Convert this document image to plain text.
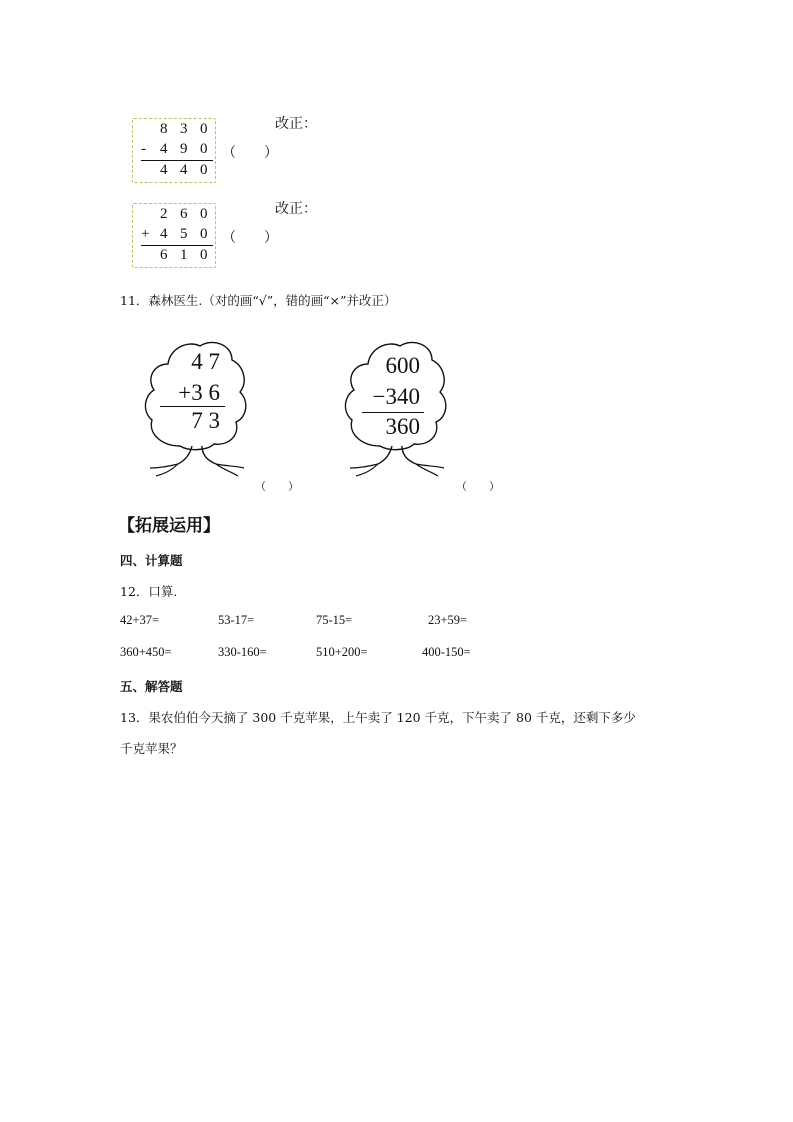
8 3 0
- 4 9 0
4 4 0
（　　）
改正：
2 6 0
+ 4 5 0
6 1 0
（　　）
改正：
11．森林医生.（对的画“√”，错的画“×”并改正）
4 7
+3 6
7 3
（　　）
600
−340
360
（　　）
【拓展运用】
四、计算题
12．口算.
42+37=	53-17=	75-15=	23+59=
360+450=	330-160=	510+200=	400-150=
五、解答题
13．果农伯伯今天摘了 300 千克苹果，上午卖了 120 千克，下午卖了 80 千克，还剩下多少
千克苹果？
